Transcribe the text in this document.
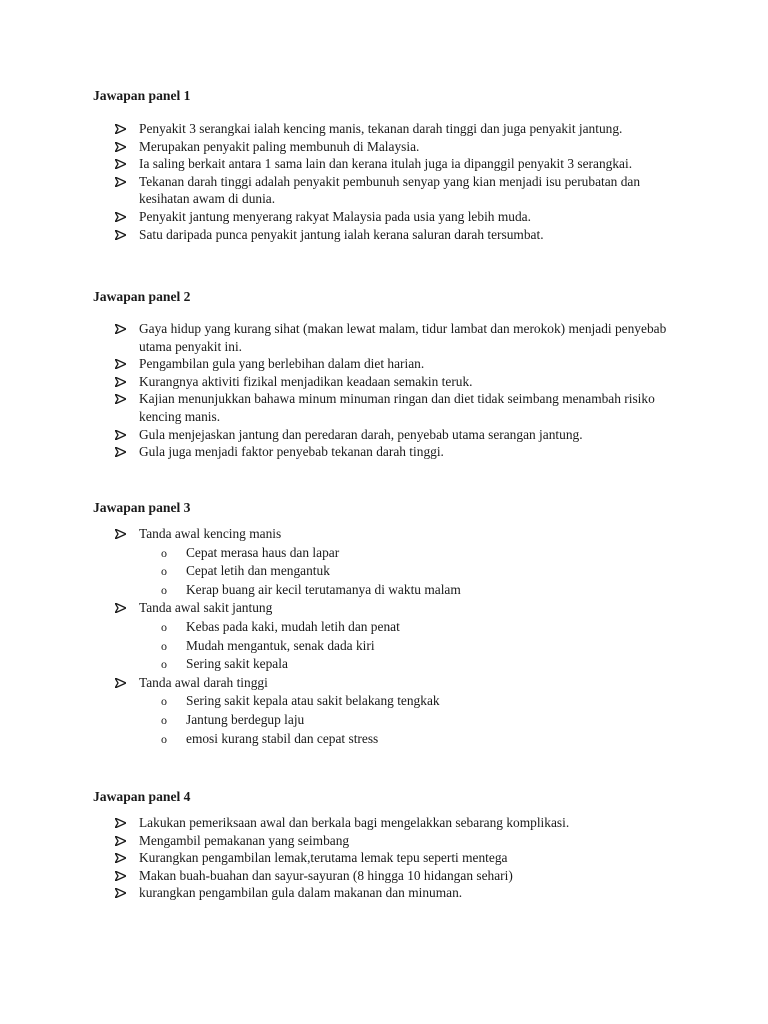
Jawapan panel 1

Penyakit 3 serangkai ialah kencing manis, tekanan darah tinggi dan juga penyakit jantung.
Merupakan penyakit paling membunuh di Malaysia.
Ia saling berkait antara 1 sama lain dan kerana itulah juga ia dipanggil penyakit 3 serangkai.
Tekanan darah tinggi adalah penyakit pembunuh senyap yang kian menjadi isu perubatan dan kesihatan awam di dunia.
Penyakit jantung menyerang rakyat Malaysia pada usia yang lebih muda.
Satu daripada punca penyakit jantung ialah kerana saluran darah tersumbat.

Jawapan panel 2

Gaya hidup yang kurang sihat (makan lewat malam, tidur lambat dan merokok) menjadi penyebab utama penyakit ini.
Pengambilan gula yang berlebihan dalam diet harian.
Kurangnya aktiviti fizikal menjadikan keadaan semakin teruk.
Kajian menunjukkan bahawa minum minuman ringan dan diet tidak seimbang menambah risiko kencing manis.
Gula menjejaskan jantung dan peredaran darah, penyebab utama serangan jantung.
Gula juga menjadi faktor penyebab tekanan darah tinggi.

Jawapan panel 3

Tanda awal kencing manis
o Cepat merasa haus dan lapar
o Cepat letih dan mengantuk
o Kerap buang air kecil terutamanya di waktu malam
Tanda awal sakit jantung
o Kebas pada kaki, mudah letih dan penat
o Mudah mengantuk, senak dada kiri
o Sering sakit kepala
Tanda awal darah tinggi
o Sering sakit kepala atau sakit belakang tengkak
o Jantung berdegup laju
o emosi kurang stabil dan cepat stress

Jawapan panel 4

Lakukan pemeriksaan awal dan berkala bagi mengelakkan sebarang komplikasi.
Mengambil pemakanan yang seimbang
Kurangkan pengambilan lemak,terutama lemak tepu seperti mentega
Makan buah-buahan dan sayur-sayuran (8 hingga 10 hidangan sehari)
kurangkan pengambilan gula dalam makanan dan minuman.
